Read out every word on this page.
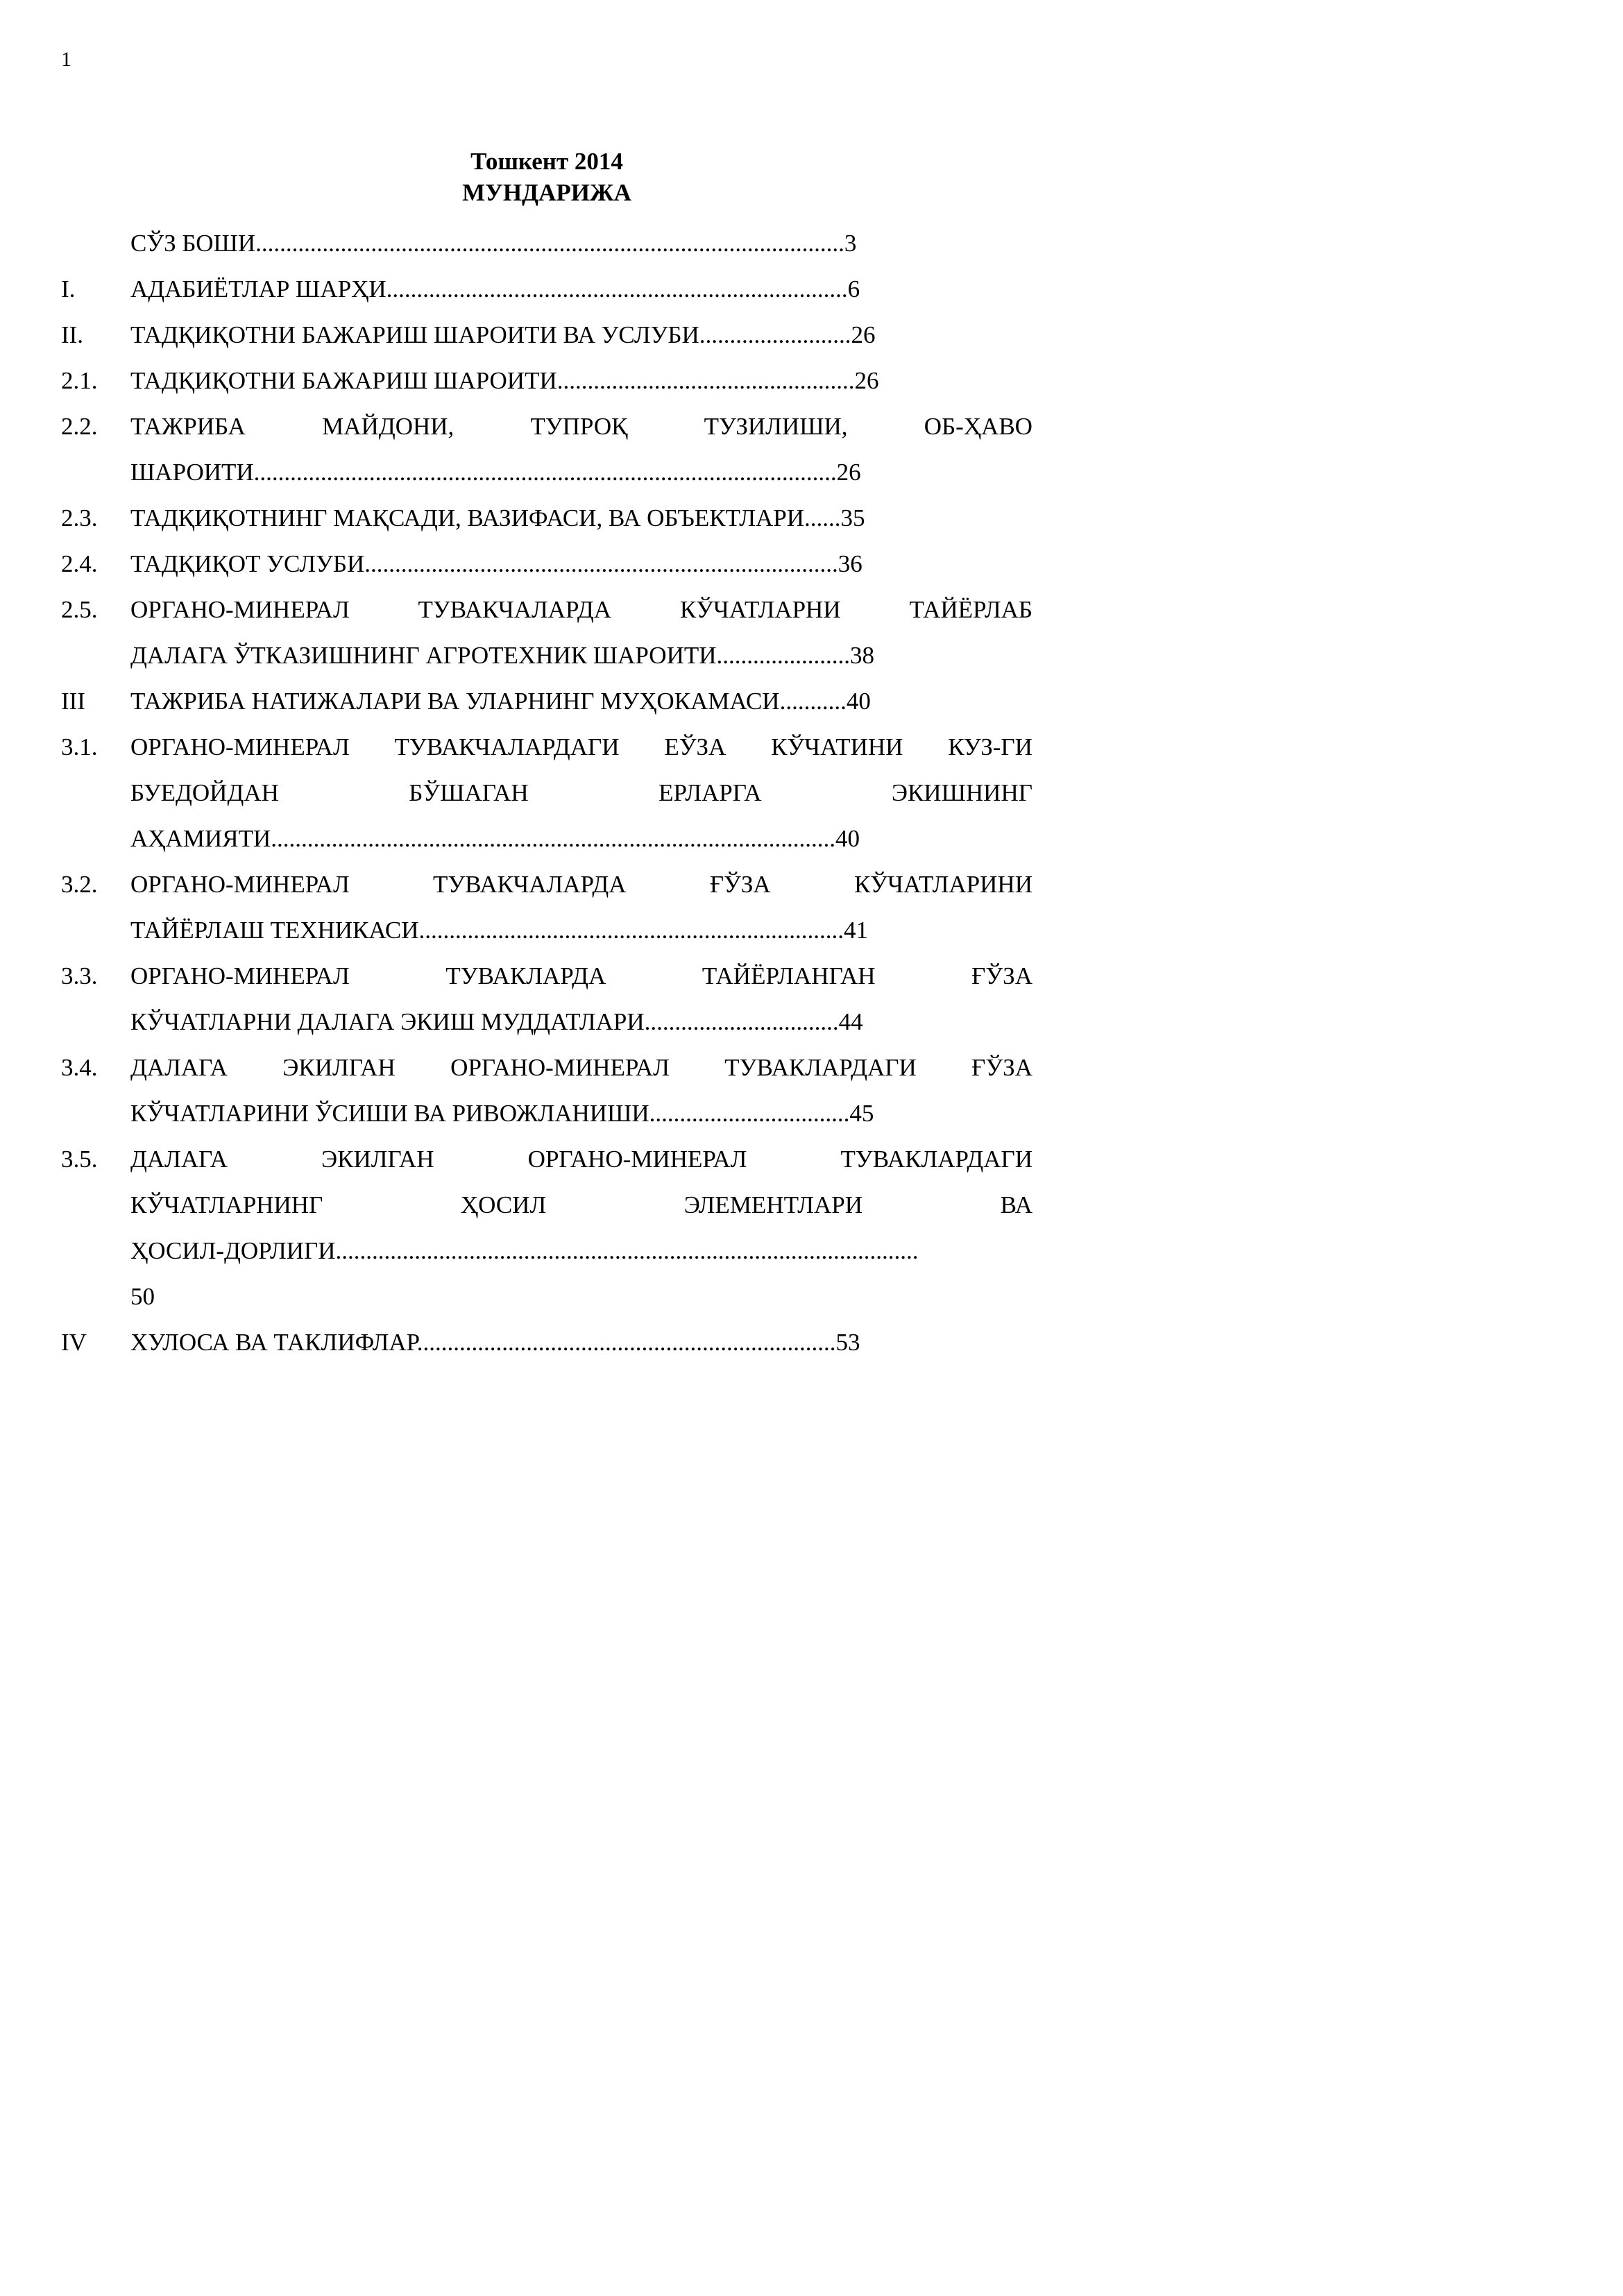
1
Тошкент 2014
МУНДАРИЖА
СЎЗ БОШИ.................................................................................................3
I.	АДАБИЁТЛАР ШАРҲИ............................................................................6
II.	ТАДҚИҚОТНИ БАЖАРИШ ШАРОИТИ ВА УСЛУБИ.........................26
2.1.	ТАДҚИҚОТНИ БАЖАРИШ ШАРОИТИ.................................................26
2.2.	ТАЖРИБА	МАЙДОНИ,	ТУПРОҚ	ТУЗИЛИШИ,	ОБ-ҲАВО
ШАРОИТИ................................................................................................26
2.3.	ТАДҚИҚОТНИНГ МАҚСАДИ, ВАЗИФАСИ, ВА ОБЪЕКТЛАРИ......35
2.4.	ТАДҚИҚОТ УСЛУБИ..............................................................................36
2.5.	ОРГАНО-МИНЕРАЛ	ТУВАКЧАЛАРДА	КЎЧАТЛАРНИ	ТАЙЁРЛАБ
ДАЛАГА ЎТКАЗИШНИНГ АГРОТЕХНИК ШАРОИТИ......................38
III	ТАЖРИБА НАТИЖАЛАРИ ВА УЛАРНИНГ МУҲОКАМАСИ...........40
3.1.	ОРГАНО-МИНЕРАЛ ТУВАКЧАЛАРДАГИ ЕЎЗА КЎЧАТИНИ КУЗ-ГИ
БУЕДОЙДАН	БЎШАГАН	ЕРЛАРГА	ЭКИШНИНГ
АҲАМИЯТИ.............................................................................................40
3.2.	ОРГАНО-МИНЕРАЛ	ТУВАКЧАЛАРДА	ҒЎЗА	КЎЧАТЛАРИНИ
ТАЙЁРЛАШ ТЕХНИКАСИ......................................................................41
3.3.	ОРГАНО-МИНЕРАЛ	ТУВАКЛАРДА	ТАЙЁРЛАНГАН	ҒЎЗА
КЎЧАТЛАРНИ ДАЛАГА ЭКИШ МУДДАТЛАРИ................................44
3.4.	ДАЛАГА ЭКИЛГАН ОРГАНО-МИНЕРАЛ ТУВАКЛАРДАГИ ҒЎЗА
КЎЧАТЛАРИНИ ЎСИШИ ВА РИВОЖЛАНИШИ.................................45
3.5.	ДАЛАГА	ЭКИЛГАН	ОРГАНО-МИНЕРАЛ	ТУВАКЛАРДАГИ
КЎЧАТЛАРНИНГ	ҲОСИЛ	ЭЛЕМЕНТЛАРИ	ВА
ҲОСИЛ-ДОРЛИГИ................................................................................................
50
IV	ХУЛОСА ВА ТАКЛИФЛАР.....................................................................53
